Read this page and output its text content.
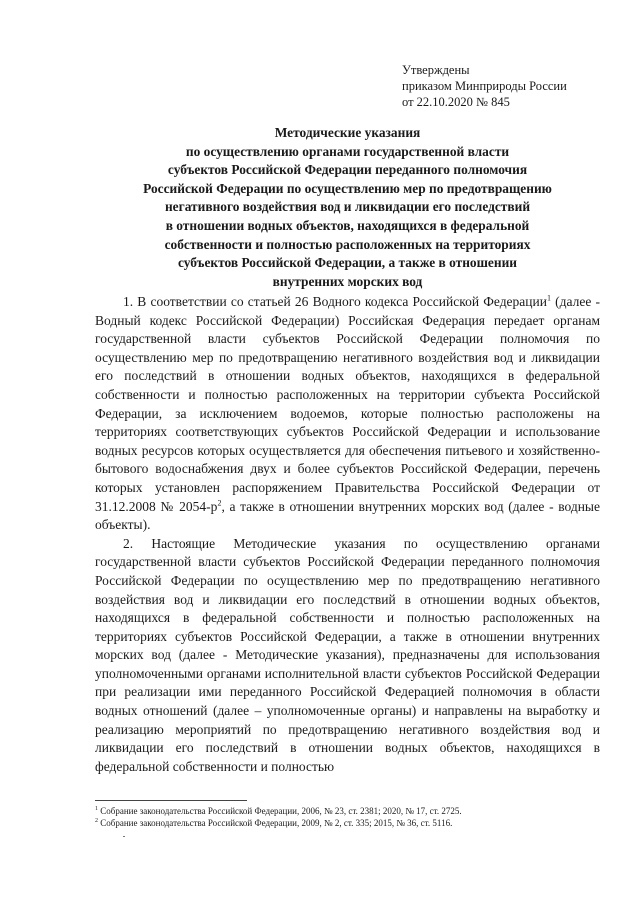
Утверждены
приказом Минприроды России
от 22.10.2020 № 845
Методические указания
по осуществлению органами государственной власти
субъектов Российской Федерации переданного полномочия
Российской Федерации по осуществлению мер по предотвращению
негативного воздействия вод и ликвидации его последствий
в отношении водных объектов, находящихся в федеральной
собственности и полностью расположенных на территориях
субъектов Российской Федерации, а также в отношении
внутренних морских вод

1. В соответствии со статьей 26 Водного кодекса Российской Федерации$^1$ (далее - Водный кодекс Российской Федерации) Российская Федерация передает органам государственной власти субъектов Российской Федерации полномочия по осуществлению мер по предотвращению негативного воздействия вод и ликвидации его последствий в отношении водных объектов, находящихся в федеральной собственности и полностью расположенных на территории субъекта Российской Федерации, за исключением водоемов, которые полностью расположены на территориях соответствующих субъектов Российской Федерации и использование водных ресурсов которых осуществляется для обеспечения питьевого и хозяйственно-бытового водоснабжения двух и более субъектов Российской Федерации, перечень которых установлен распоряжением Правительства Российской Федерации от 31.12.2008 № $2054-р^2$, а также в отношении внутренних морских вод (далее - водные объекты).

2. Настоящие Методические указания по осуществлению органами государственной власти субъектов Российской Федерации переданного полномочия Российской Федерации по осуществлению мер по предотвращению негативного воздействия вод и ликвидации его последствий в отношении водных объектов, находящихся в федеральной собственности и полностью расположенных на территориях субъектов Российской Федерации, а также в отношении внутренних морских вод (далее - Методические указания), предназначены для использования уполномоченными органами исполнительной власти субъектов Российской Федерации при реализации ими переданного Российской Федерацией полномочия в области водных отношений (далее – уполномоченные органы) и направлены на выработку и реализацию мероприятий по предотвращению негативного воздействия вод и ликвидации его последствий в отношении водных объектов, находящихся в федеральной собственности и полностью

$^1$ Собрание законодательства Российской Федерации, 2006, № 23, ст. 2381; 2020, № 17, ст. 2725.
$^2$ Собрание законодательства Российской Федерации, 2009, № 2, ст. 335; 2015, № 36, ст. 5116.
